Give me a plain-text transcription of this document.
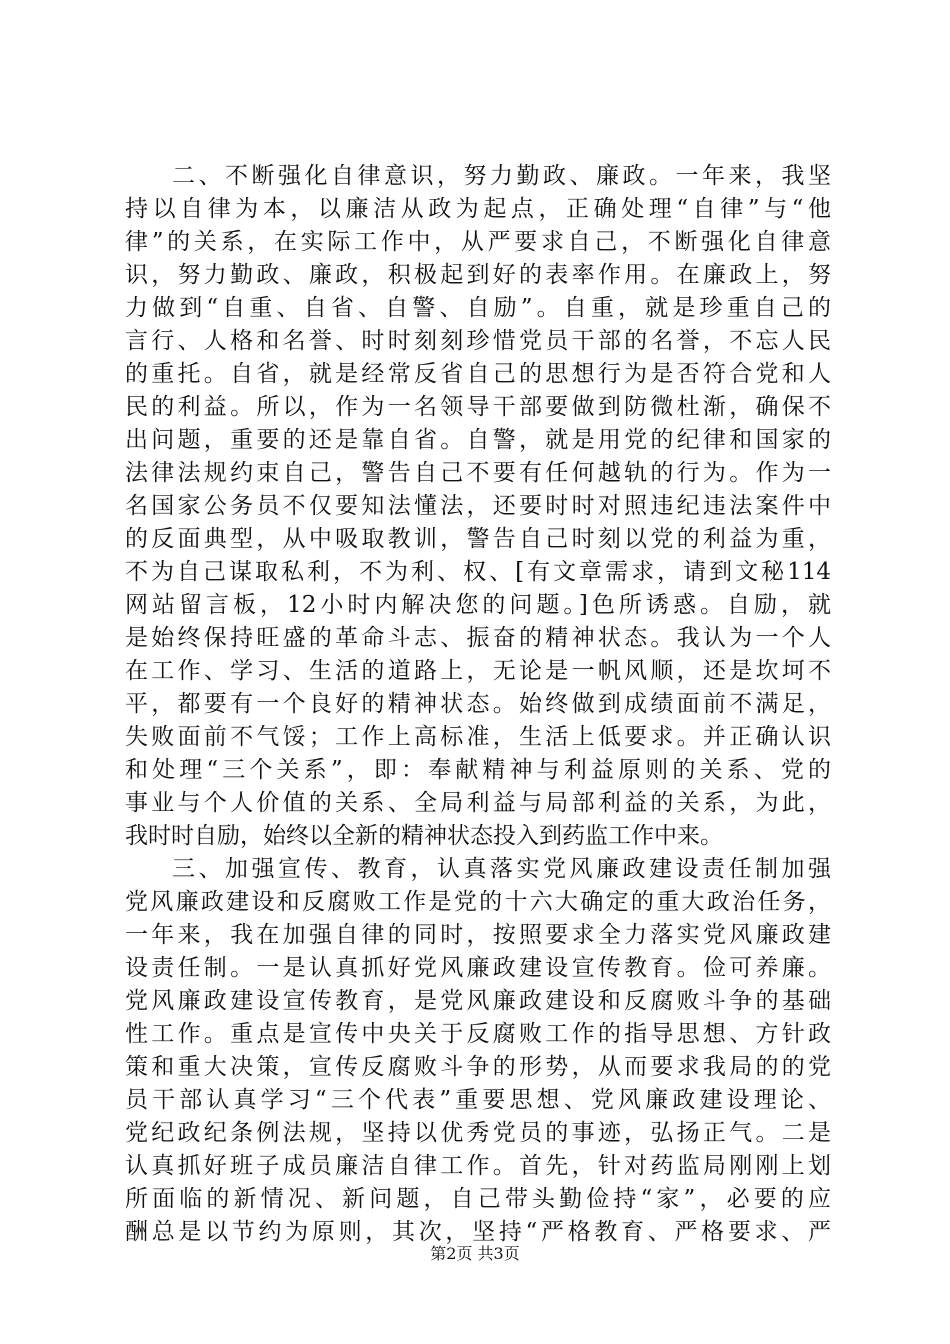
二、不断强化自律意识，努力勤政、廉政。一年来，我坚
持以自律为本，以廉洁从政为起点，正确处理“自律”与“他
律”的关系，在实际工作中，从严要求自己，不断强化自律意
识，努力勤政、廉政，积极起到好的表率作用。在廉政上，努
力做到“自重、自省、自警、自励”。自重，就是珍重自己的
言行、人格和名誉、时时刻刻珍惜党员干部的名誉，不忘人民
的重托。自省，就是经常反省自己的思想行为是否符合党和人
民的利益。所以，作为一名领导干部要做到防微杜渐，确保不
出问题，重要的还是靠自省。自警，就是用党的纪律和国家的
法律法规约束自己，警告自己不要有任何越轨的行为。作为一
名国家公务员不仅要知法懂法，还要时时对照违纪违法案件中
的反面典型，从中吸取教训，警告自己时刻以党的利益为重，
不为自己谋取私利，不为利、权、[有文章需求，请到文秘114
网站留言板，12小时内解决您的问题。]色所诱惑。自励，就
是始终保持旺盛的革命斗志、振奋的精神状态。我认为一个人
在工作、学习、生活的道路上，无论是一帆风顺，还是坎坷不
平，都要有一个良好的精神状态。始终做到成绩面前不满足，
失败面前不气馁；工作上高标准，生活上低要求。并正确认识
和处理“三个关系”，即：奉献精神与利益原则的关系、党的
事业与个人价值的关系、全局利益与局部利益的关系，为此，
我时时自励，始终以全新的精神状态投入到药监工作中来。
三、加强宣传、教育，认真落实党风廉政建设责任制加强
党风廉政建设和反腐败工作是党的十六大确定的重大政治任务，
一年来，我在加强自律的同时，按照要求全力落实党风廉政建
设责任制。一是认真抓好党风廉政建设宣传教育。俭可养廉。
党风廉政建设宣传教育，是党风廉政建设和反腐败斗争的基础
性工作。重点是宣传中央关于反腐败工作的指导思想、方针政
策和重大决策，宣传反腐败斗争的形势，从而要求我局的的党
员干部认真学习“三个代表”重要思想、党风廉政建设理论、
党纪政纪条例法规，坚持以优秀党员的事迹，弘扬正气。二是
认真抓好班子成员廉洁自律工作。首先，针对药监局刚刚上划
所面临的新情况、新问题，自己带头勤俭持“家”，必要的应
酬总是以节约为原则，其次，坚持“严格教育、严格要求、严
第2页 共3页
